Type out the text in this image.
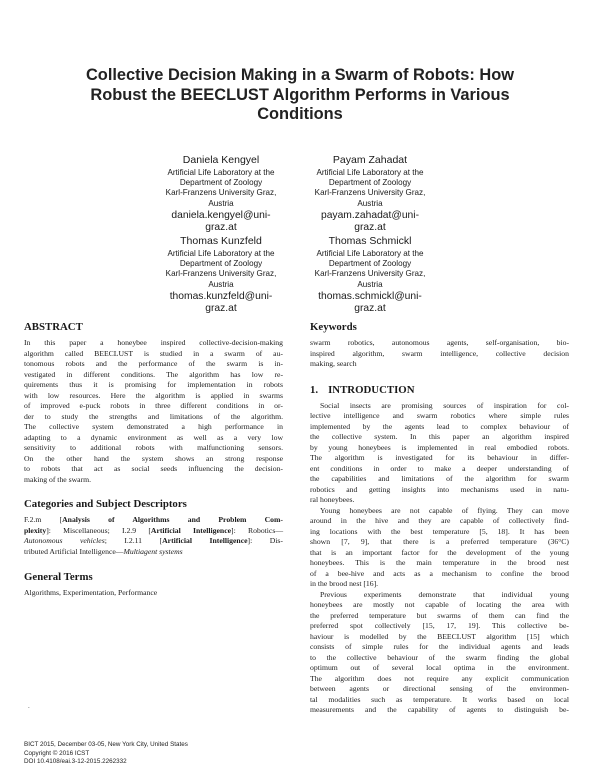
Collective Decision Making in a Swarm of Robots: How
Robust the BEECLUST Algorithm Performs in Various
Conditions
Daniela Kengyel
Artificial Life Laboratory at the
Department of Zoology
Karl-Franzens University Graz,
Austria
daniela.kengyel@uni-
graz.at
Payam Zahadat
Artificial Life Laboratory at the
Department of Zoology
Karl-Franzens University Graz,
Austria
payam.zahadat@uni-
graz.at
Thomas Kunzfeld
Artificial Life Laboratory at the
Department of Zoology
Karl-Franzens University Graz,
Austria
thomas.kunzfeld@uni-
graz.at
Thomas Schmickl
Artificial Life Laboratory at the
Department of Zoology
Karl-Franzens University Graz,
Austria
thomas.schmickl@uni-
graz.at
ABSTRACT
In this paper a honeybee inspired collective-decision-making
algorithm called BEECLUST is studied in a swarm of au-
tonomous robots and the performance of the swarm is in-
vestigated in different conditions. The algorithm has low re-
quirements thus it is promising for implementation in robots
with low resources. Here the algorithm is applied in swarms
of improved e-puck robots in three different conditions in or-
der to study the strengths and limitations of the algorithm.
The collective system demonstrated a high performance in
adapting to a dynamic environment as well as a very low
sensitivity to additional robots with malfunctioning sensors.
On the other hand the system shows an strong response
to robots that act as social seeds influencing the decision-
making of the swarm.
Categories and Subject Descriptors
F.2.m [Analysis of Algorithms and Problem Com-
plexity]: Miscellaneous; I.2.9 [Artificial Intelligence]: Robotics—
Autonomous vehicles; I.2.11 [Artificial Intelligence]: Dis-
tributed Artificial Intelligence—Multiagent systems
General Terms
Algorithms, Experimentation, Performance
.
Keywords
swarm robotics, autonomous agents, self-organisation, bio-
inspired algorithm, swarm intelligence, collective decision
making, search
1. INTRODUCTION
Social insects are promising sources of inspiration for col-
lective intelligence and swarm robotics where simple rules
implemented by the agents lead to complex behaviour of
the collective system. In this paper an algorithm inspired
by young honeybees is implemented in real embodied robots.
The algorithm is investigated for its behaviour in differ-
ent conditions in order to make a deeper understanding of
the capabilities and limitations of the algorithm for swarm
robotics and getting insights into mechanisms used in natu-
ral honeybees.
Young honeybees are not capable of flying. They can move
around in the hive and they are capable of collectively find-
ing locations with the best temperature [5, 18]. It has been
shown [7, 9], that there is a preferred temperature (36°C)
that is an important factor for the development of the young
honeybees. This is the main temperature in the brood nest
of a bee-hive and acts as a mechanism to confine the brood
in the brood nest [16].
Previous experiments demonstrate that individual young
honeybees are mostly not capable of locating the area with
the preferred temperature but swarms of them can find the
preferred spot collectively [15, 17, 19]. This collective be-
haviour is modelled by the BEECLUST algorithm [15] which
consists of simple rules for the individual agents and leads
to the collective behaviour of the swarm finding the global
optimum out of several local optima in the environment.
The algorithm does not require any explicit communication
between agents or directional sensing of the environmen-
tal modalities such as temperature. It works based on local
measurements and the capability of agents to distinguish be-
BICT 2015, December 03-05, New York City, United States
Copyright © 2016 ICST
DOI 10.4108/eai.3-12-2015.2262332
